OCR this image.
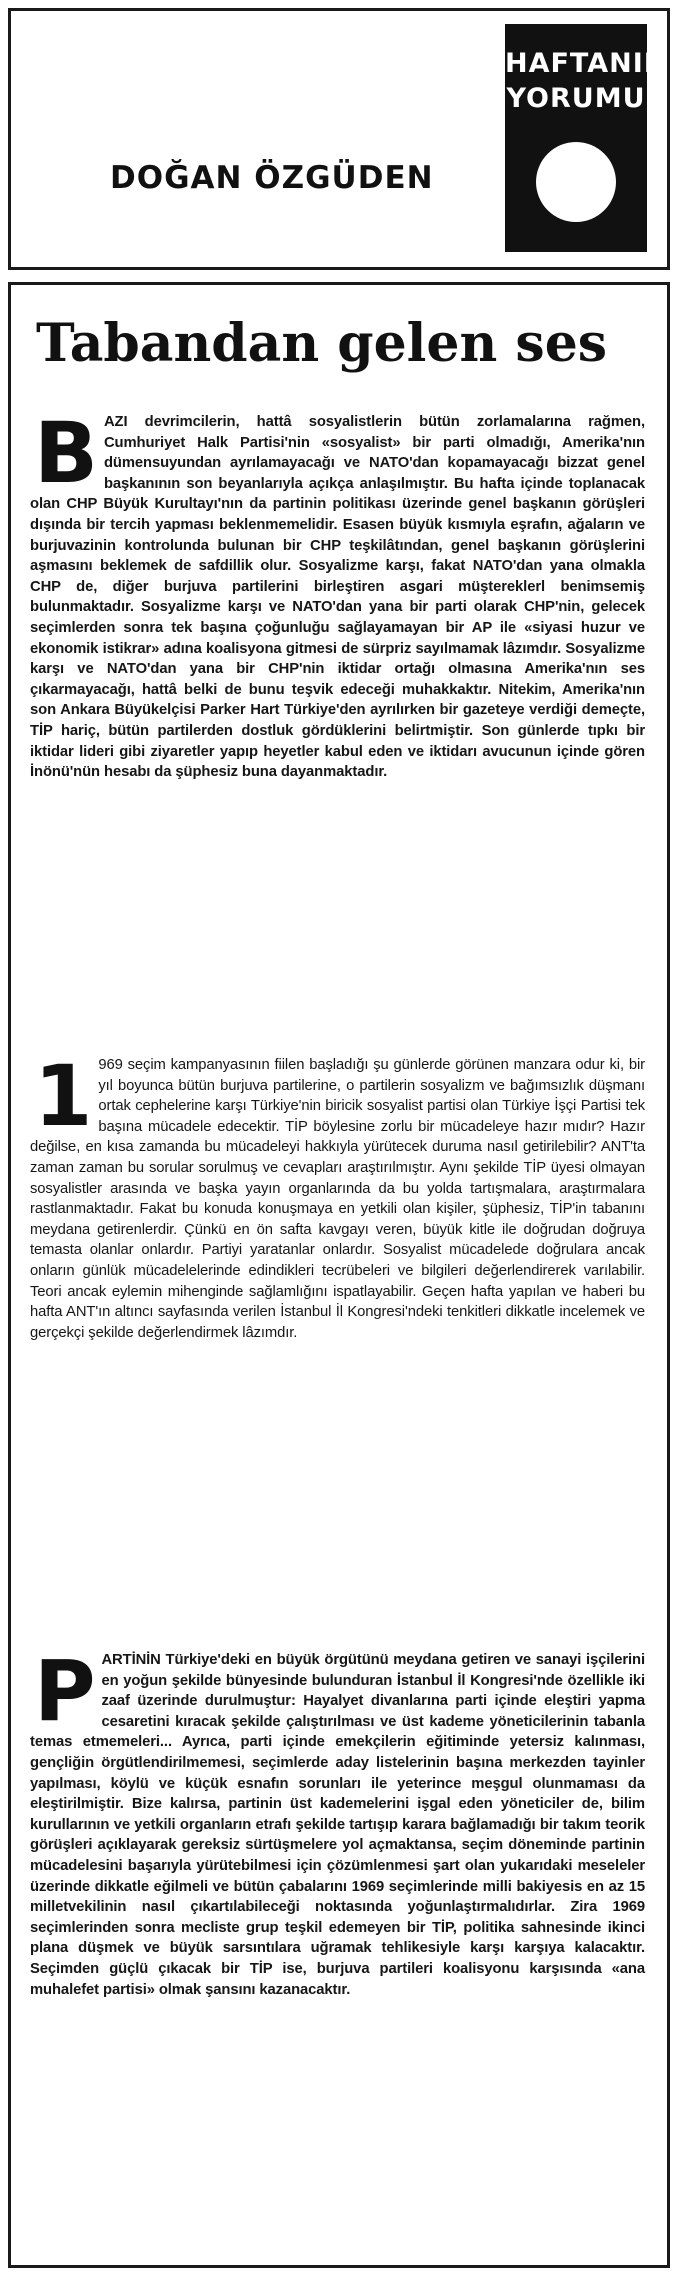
DOĞAN ÖZGÜDEN
HAFTANIN
YORUMU
Tabandan gelen ses
BAZI devrimcilerin, hattâ sosyalistlerin bütün zorlamalarına rağmen, Cumhuriyet Halk Partisi'nin «sosyalist» bir parti olmadığı, Amerika'nın dümensuyundan ayrılamayacağı ve NATO'dan kopamayacağı bizzat genel başkanının son beyanlarıyla açıkça anlaşılmıştır. Bu hafta içinde toplanacak olan CHP Büyük Kurultayı'nın da partinin politikası üzerinde genel başkanın görüşleri dışında bir tercih yapması beklenmemelidir. Esasen büyük kısmıyla eşrafın, ağaların ve burjuvazinin kontrolunda bulunan bir CHP teşkilâtından, genel başkanın görüşlerini aşmasını beklemek de safdillik olur. Sosyalizme karşı, fakat NATO'dan yana olmakla CHP de, diğer burjuva partilerini birleştiren asgari müştereklerl benimsemiş bulunmaktadır. Sosyalizme karşı ve NATO'dan yana bir parti olarak CHP'nin, gelecek seçimlerden sonra tek başına çoğunluğu sağlayamayan bir AP ile «siyasi huzur ve ekonomik istikrar» adına koalisyona gitmesi de sürpriz sayılmamak lâzımdır. Sosyalizme karşı ve NATO'dan yana bir CHP'nin iktidar ortağı olmasına Amerika'nın ses çıkarmayacağı, hattâ belki de bunu teşvik edeceği muhakkaktır. Nitekim, Amerika'nın son Ankara Büyükelçisi Parker Hart Türkiye'den ayrılırken bir gazeteye verdiği demeçte, TİP hariç, bütün partilerden dostluk gördüklerini belirtmiştir. Son günlerde tıpkı bir iktidar lideri gibi ziyaretler yapıp heyetler kabul eden ve iktidarı avucunun içinde gören İnönü'nün hesabı da şüphesiz buna dayanmaktadır.
1 969 seçim kampanyasının fiilen başladığı şu günlerde görünen manzara odur ki, bir yıl boyunca bütün burjuva partilerine, o partilerin sosyalizm ve bağımsızlık düşmanı ortak cephelerine karşı Türkiye'nin biricik sosyalist partisi olan Türkiye İşçi Partisi tek başına mücadele edecektir. TİP böylesine zorlu bir mücadeleye hazır mıdır? Hazır değilse, en kısa zamanda bu mücadeleyi hakkıyla yürütecek duruma nasıl getirilebilir? ANT'ta zaman zaman bu sorular sorulmuş ve cevapları araştırılmıştır. Aynı şekilde TİP üyesi olmayan sosyalistler arasında ve başka yayın organlarında da bu yolda tartışmalara, araştırmalara rastlanmaktadır. Fakat bu konuda konuşmaya en yetkili olan kişiler, şüphesiz, TİP'in tabanını meydana getirenlerdir. Çünkü en ön safta kavgayı veren, büyük kitle ile doğrudan doğruya temasta olanlar onlardır. Partiyi yaratanlar onlardır. Sosyalist mücadelede doğrulara ancak onların günlük mücadelelerinde edindikleri tecrübeleri ve bilgileri değerlendirerek varılabilir. Teori ancak eylemin mihenginde sağlamlığını ispatlayabilir. Geçen hafta yapılan ve haberi bu hafta ANT'ın altıncı sayfasında verilen İstanbul İl Kongresi'ndeki tenkitleri dikkatle incelemek ve gerçekçi şekilde değerlendirmek lâzımdır.
PARTİNİN Türkiye'deki en büyük örgütünü meydana getiren ve sanayi işçilerini en yoğun şekilde bünyesinde bulunduran İstanbul İl Kongresi'nde özellikle iki zaaf üzerinde durulmuştur: Hayalyet divanlarına parti içinde eleştiri yapma cesaretini kıracak şekilde çalıştırılması ve üst kademe yöneticilerinin tabanla temas etmemeleri... Ayrıca, parti içinde emekçilerin eğitiminde yetersiz kalınması, gençliğin örgütlendirilmemesi, seçimlerde aday listelerinin başına merkezden tayinler yapılması, köylü ve küçük esnafın sorunları ile yeterince meşgul olunmaması da eleştirilmiştir. Bize kalırsa, partinin üst kademelerini işgal eden yöneticiler de, bilim kurullarının ve yetkili organların etrafı şekilde tartışıp karara bağlamadığı bir takım teorik görüşleri açıklayarak gereksiz sürtüşmelere yol açmaktansa, seçim döneminde partinin mücadelesini başarıyla yürütebilmesi için çözümlenmesi şart olan yukarıdaki meseleler üzerinde dikkatle eğilmeli ve bütün çabalarını 1969 seçimlerinde milli bakiyesis en az 15 milletvekilinin nasıl çıkartılabileceği noktasında yoğunlaştırmalıdırlar. Zira 1969 seçimlerinden sonra mecliste grup teşkil edemeyen bir TİP, politika sahnesinde ikinci plana düşmek ve büyük sarsıntılara uğramak tehlikesiyle karşı karşıya kalacaktır. Seçimden güçlü çıkacak bir TİP ise, burjuva partileri koalisyonu karşısında «ana muhalefet partisi» olmak şansını kazanacaktır.
